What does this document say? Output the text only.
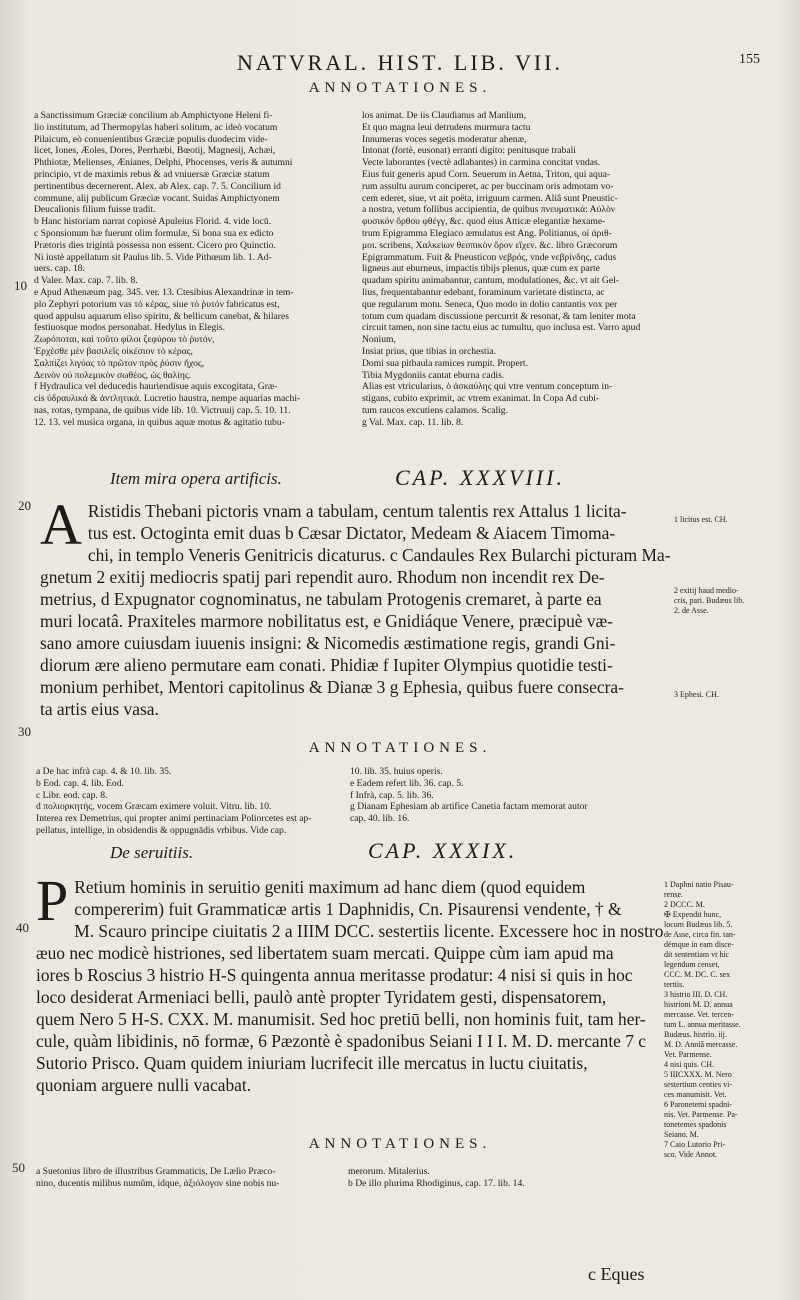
NATVRAL. HIST. LIB. VII.	155
ANNOTATIONES.
a Sanctissimum Græciæ concilium ab Amphictyone Heleni fi-
lio institutum, ad Thermopylas haberi solitum, ac ideò vocatum
Pilaicum, eò conuenientibus Græciæ populis duodecim vide-
licet, Iones, Æoles, Dores, Perrhæbi, Bœotij, Magnesij, Achæi,
Phthiotæ, Melienses, Ænianes, Delphi, Phocenses, veris & autumni
principio, vt de maximis rebus & ad vniuersæ Græciæ statum
pertinentibus decernerent. Alex. ab Alex. cap. 7. 5. Concilium id
commune, alij publicum Græciæ vocant. Suidas Amphictyonem
Deucalionis filium fuisse tradit.
b Hanc historiam narrat copiosè Apuleius Florid. 4. vide locū.
c Sponsionum hæ fuerunt olim formulæ, Si bona sua ex edicto
Prætoris dies trigintà possessa non essent. Cicero pro Quinctio.
Ni iustè appellatum sit Paulus lib. 5. Vide Pithœum lib. 1. Ad-
uers. cap. 18.
d Valer. Max. cap. 7. lib. 8.
e Apud Athenæum pag. 345. ver. 13. Ctesibius Alexandrinæ in tem-
plo Zephyri potorium vas τὸ κέρας, siue τὸ ῥυτόν fabricatus est,
quod appulsu aquarum eliso spiritu, & bellicum canebat, & hilares
festiuosque modos personabat. Hedylus in Elegis.
Ζωρόποται, καὶ τοῦτο φίλοι ζεφύρου τὸ ῥυτόν,
Ἐρχέσθε μὲν βασιλεῖς οἰκέσιον τὸ κέρας,
Σαλπίζει λιγύας τὸ πρῶτον πρὸς ῥύσιν ἤχος,
Δεινὸν οὐ πολεμικὸν σωθέος, ὡς θαλίης.
f Hydraulica vel deducedis hauriendisue aquis excogitata, Græ-
cis ὑδραυλικά & ἀντλητικά. Lucretio haustra, nempe aquarias machi-
nas, rotas, tympana, de quibus vide lib. 10. Victruuij cap. 5. 10. 11.
12. 13. vel musica organa, in quibus aquæ motus & agitatio tubu-
los animat. De iis Claudianus ad Manlium,
Et quo magna leui detrudens murmura tactu
Innumeras voces segetis moderatur ahenæ,
Intonat (fortè, eusonat) erranti digito: penitusque trabali
Vecte laborantes (vectè adlabantes) in carmina concitat vndas.
Eius fuit generis apud Corn. Seuerum in Aetna, Triton, qui aqua-
rum assultu aurum conciperet, ac per buccinam oris admotam vo-
cem ederet, siue, vt ait poëta, irriguum carmen. Aliâ sunt Pneustic-
a nostra, vetum follibus accipientia, de quibus πνευματικά: Αὐλὸν
φυσικόν ὄρθου φθέγγ, &c. quod eius Atticæ elegantiæ hexame-
trum Epigramma Elegiaco æmulatus est Ang. Politianus, οἱ ἀριθ-
μοι. scribens, Χαλκείων θεσπικὸν ὄρον εἴχεν. &c. libro Græcorum
Epigrammatum. Fuit & Pneusticon νεβρός, vnde νεβρίνδης, cadus
ligneus aut eburneus, impactis tibijs plenus, quæ cum ex parte
quadam spiritu animabantur, cantum, modulationes, &c. vt ait Gel-
lius, frequentabantur edebant, foraminum varietate distincta, ac
que regularum motu. Seneca, Quo modo in dolio cantantis vox per
totum cum quadam discussione percurrit & resonat, & tam leniter mota
circuit tamen, non sine tactu eius ac tumultu, quo inclusa est. Varro apud
Nonium,
Insiat prius, que tibias in orchestia.
Domi sua pitbaula ramices rumpit. Propert.
Tibia Mygdoniis cantat eburna cadis.
Alias est vtricularius, ὁ ἀσκαύλης qui vtre ventum conceptum in-
stigans, cubito exprimit, ac vtrem exanimat. In Copa Ad cubi-
tum raucos excutiens calamos. Scalig.
g Val. Max. cap. 11. lib. 8.
10
Item mira opera artificis.	CAP. XXXVIII.
20 A Ristidis Thebani pictoris vnam a tabulam, centum talentis rex Attalus 1 licita-
tus est. Octoginta emit duas b Cæsar Dictator, Medeam & Aiacem Timoma-
chi, in templo Veneris Genitricis dicaturus. c Candaules Rex Bularchi picturam Ma-
gnetum 2 exitij mediocris spatij pari rependit auro. Rhodum non incendit rex De-
metrius, d Expugnator cognominatus, ne tabulam Protogenis cremaret, à parte ea
muri locatâ. Praxiteles marmore nobilitatus est, e Gnidiáque Venere, præcipuè væ-
sano amore cuiusdam iuuenis insigni: & Nicomedis æstimatione regis, grandi Gni-
diorum ære alieno permutare eam conati. Phidiæ f Iupiter Olympius quotidie testi-
monium perhibet, Mentori capitolinus & Dianæ 3 g Ephesia, quibus fuere consecra-
ta artis eius vasa.
1 licitus est. CH.
2 exitij haud medio-
cris, pari. Budæus lib.
2. de Asse.
3 Ephesi. CH.
30
ANNOTATIONES.
a De hac infrà cap. 4. & 10. lib. 35.
b Eod. cap. 4. lib. Eod.
c Libr. eod. cap. 8.
d πολιορκητής, vocem Græcam eximere voluit. Vitru. lib. 10.
Interea rex Demetrius, qui propter animi pertinaciam Poliorcetes est ap-
pellatus, intellige, in obsidendis & oppugnādis vrbibus. Vide cap.
10. lib. 35. huius operis.
e Eadem refert lib. 36. cap. 5.
f Infrà, cap. 5. lib. 36.
g Dianam Ephesiam ab artifice Canetia factam memorat autor
cap. 40. lib. 16.
De seruitiis.	CAP. XXXIX.
40 P Retium hominis in seruitio geniti maximum ad hanc diem (quod equidem
compererim) fuit Grammaticæ artis 1 Daphnidis, Cn. Pisaurensi vendente, † &
M. Scauro principe ciuitatis 2 a IIIM DCC. sestertiis licente. Excessere hoc in nostro
æuo nec modicè histriones, sed libertatem suam mercati. Quippe cùm iam apud ma
iores b Roscius 3 histrio H-S quingenta annua meritasse prodatur: 4 nisi si quis in hoc
loco desiderat Armeniaci belli, paulò antè propter Tyridatem gesti, dispensatorem,
quem Nero 5 H-S. CXX. M. manumisit. Sed hoc pretiū belli, non hominis fuit, tam her-
cule, quàm libidinis, nō formæ, 6 Pæzontè è spadonibus Seiani I I I. M. D. mercante 7 c
Sutorio Prisco. Quam quidem iniuriam lucrifecit ille mercatus in luctu ciuitatis,
quoniam arguere nulli vacabat.
1 Daphni natio Pisau-
rense.
2 DCCC. M.
✠ Expendit hunc,
locum Budæus lib. 5.
de Asse, circa fin. tan-
démque in eam disce-
dit sententiam vt hic
legendum censet,
CCC. M. DC. C. sex
tertiis.
3 histrio III. D. CH.
histrioni M. D. annua
mercasse. Vet. tercen-
tum L. annua meritasse.
Budæus. histrio. iij.
M. D. Anniā mercasse.
Vet. Parmense.
4 nisi quis. CH.
5 IIICXXX. M. Nero
sestertium centies vi-
ces manumisit. Vet.
6 Paronetemi spadni-
nis. Vet. Parmense. Pa-
tonetemes spadonis
Seiano. M.
7 Caio Lutorio Pri-
sco. Vide Annot.
ANNOTATIONES.
50 a Suetonius libro de illustribus Grammaticis, De Lælio Præco-
nino, ducentis milibus numûm, idque, ἀξιόλογον sine nobis nu-
merorum. Mitalerius.
b De illo plurima Rhodiginus, cap. 17. lib. 14.
c Eques
